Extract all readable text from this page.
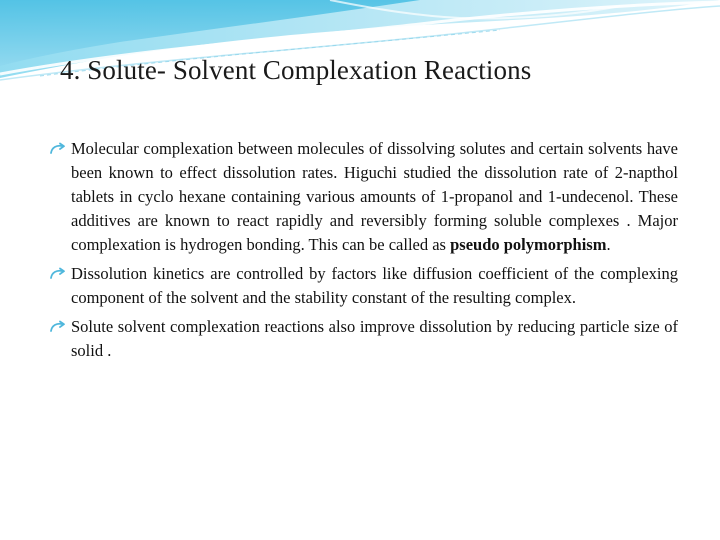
4. Solute- Solvent Complexation Reactions
Molecular complexation between molecules of dissolving solutes and certain solvents have been known to effect dissolution rates. Higuchi studied the dissolution rate of 2-napthol tablets in cyclo hexane containing various amounts of 1-propanol and 1-undecenol. These additives are known to react rapidly and reversibly forming soluble complexes . Major complexation is hydrogen bonding. This can be called as pseudo polymorphism.
Dissolution kinetics are controlled by factors like diffusion coefficient of the complexing component of the solvent and the stability constant of the resulting complex.
Solute solvent complexation reactions also improve dissolution by reducing particle size of solid .
